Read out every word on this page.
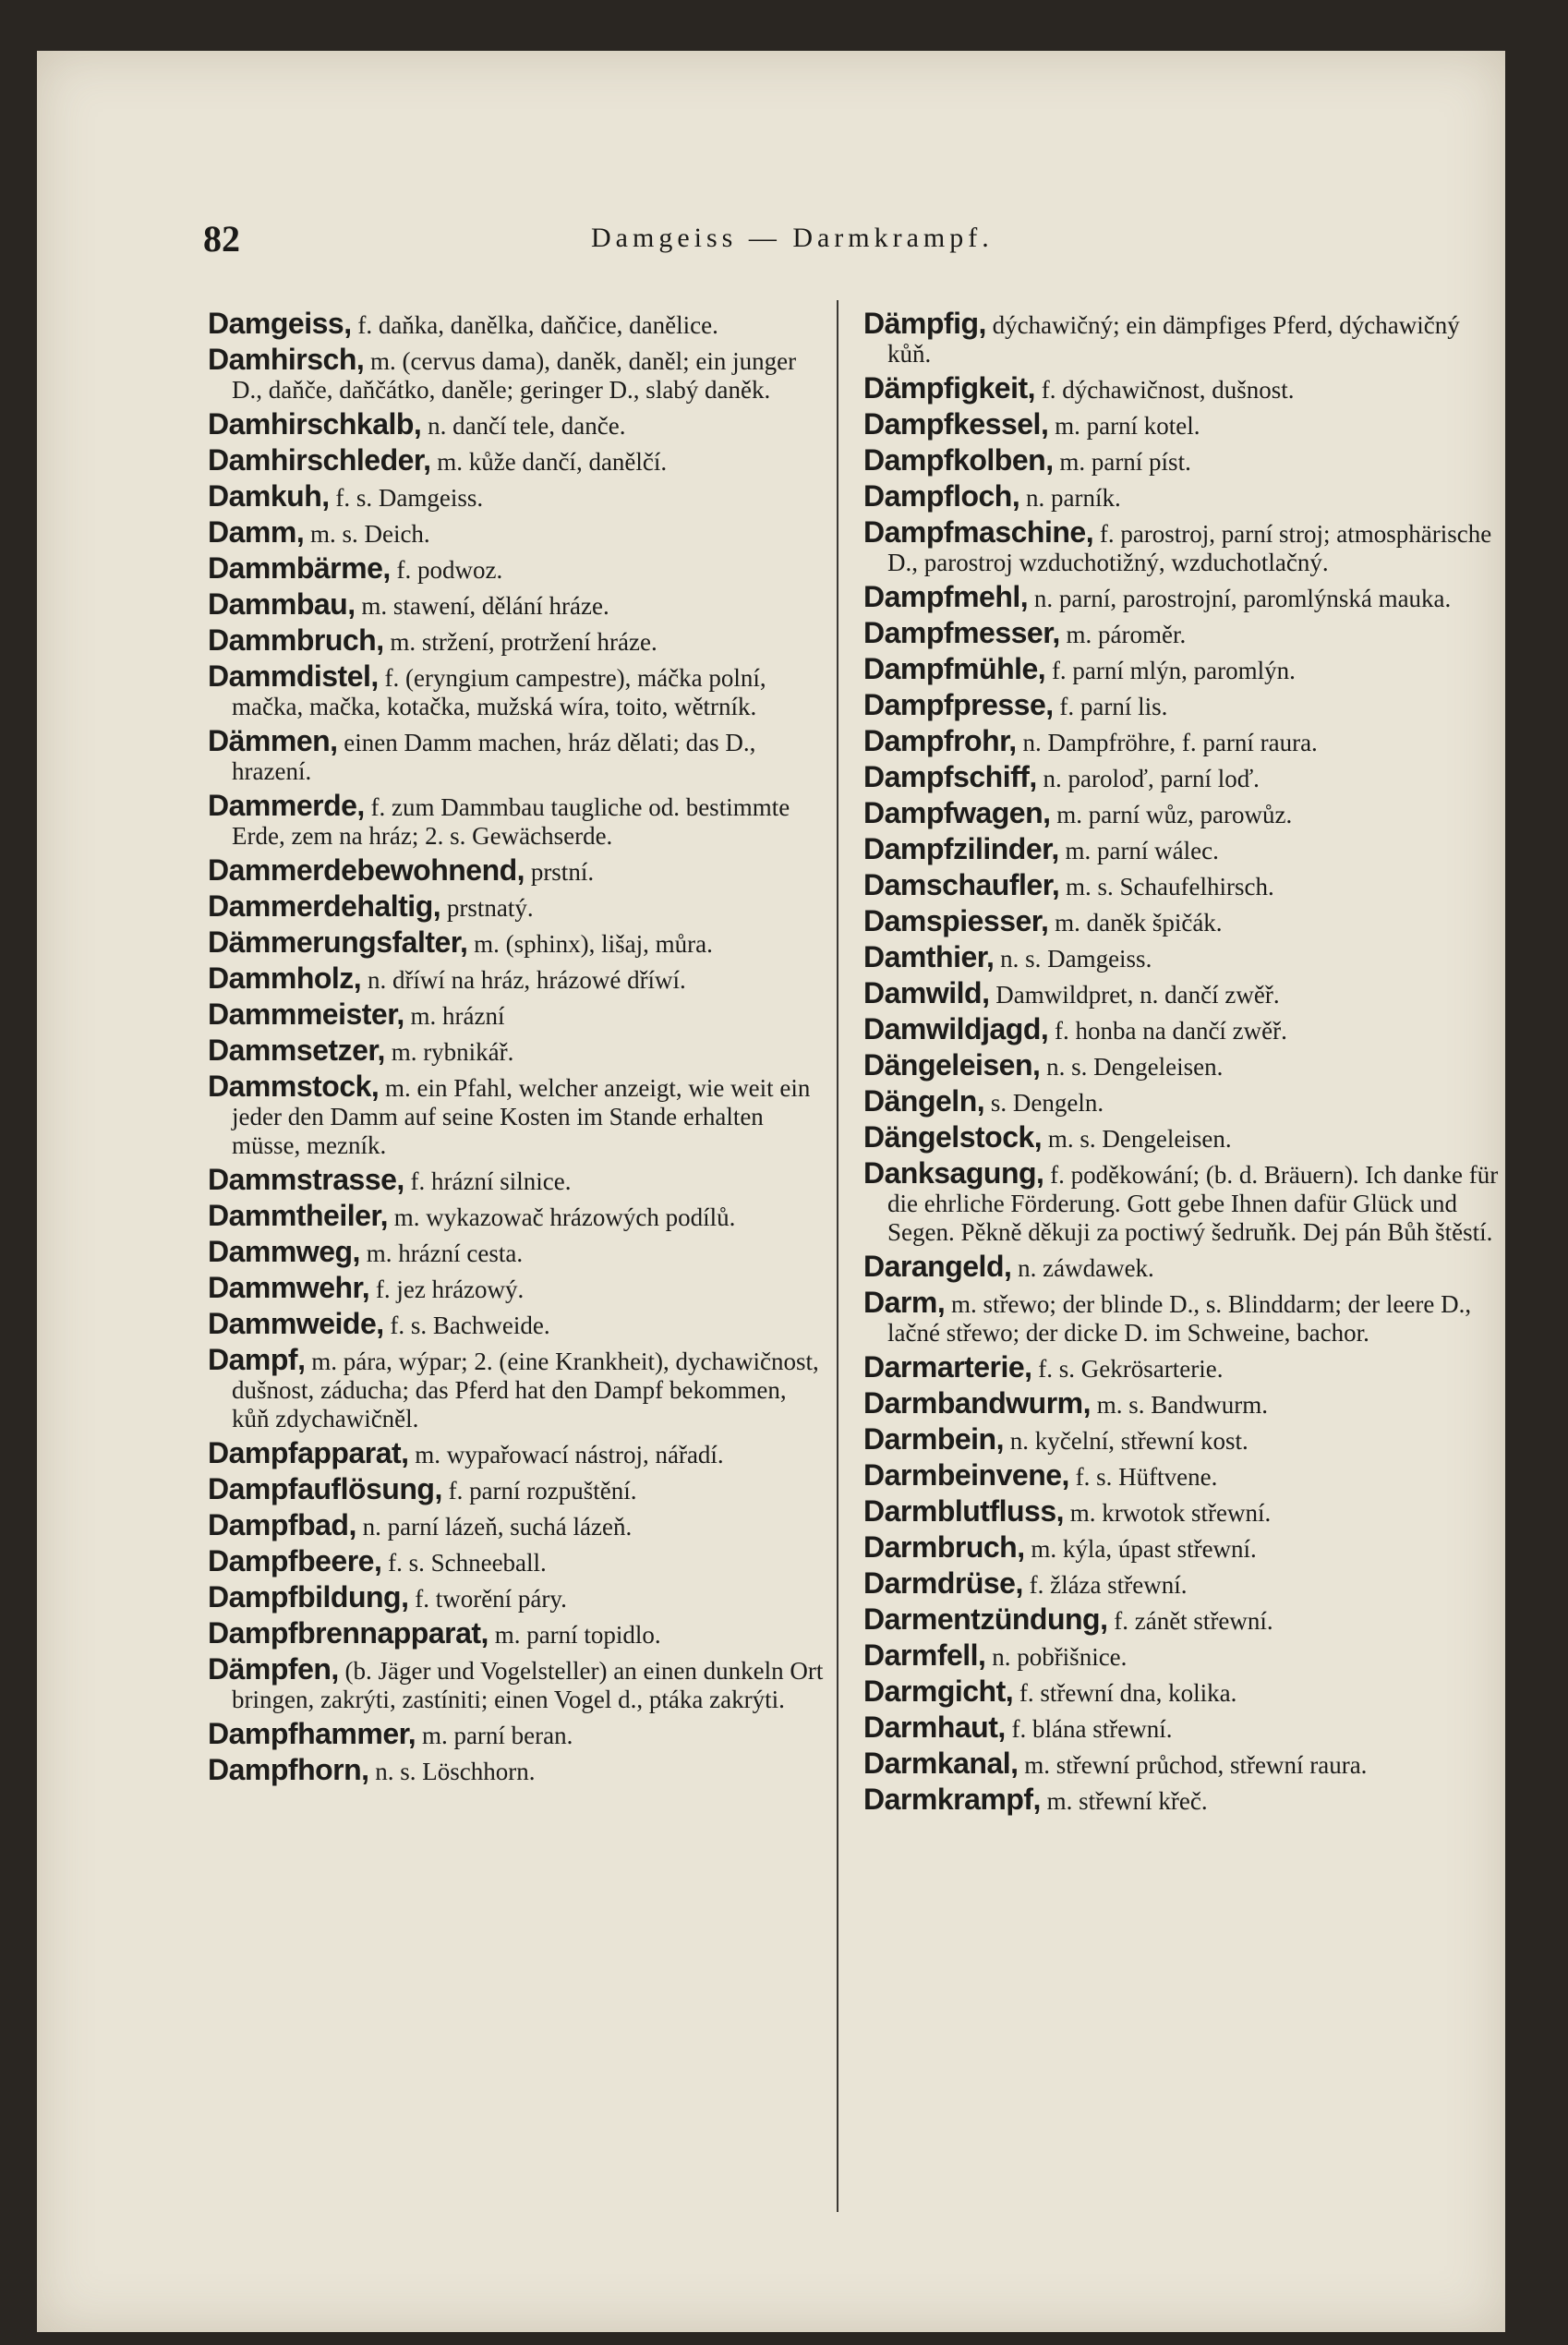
82	Damgeiss — Darmkrampf.
Damgeiss, f. daňka, danělka, daňčice, danělice.
Damhirsch, m. (cervus dama), daněk, daněl; ein junger D., daňče, daňčátko, daněle; geringer D., slabý daněk.
Damhirschkalb, n. dančí tele, danče.
Damhirschleder, m. kůže dančí, danělčí.
Damkuh, f. s. Damgeiss.
Damm, m. s. Deich.
Dammbärme, f. podwoz.
Dammbau, m. stawení, dělání hráze.
Dammbruch, m. stržení, protržení hráze.
Dammdistel, f. (eryngium campestre), máčka polní, mačka, mačka, kotačka, mužská wíra, toito, wětrník.
Dämmen, einen Damm machen, hráz dělati; das D., hrazení.
Dammerde, f. zum Dammbau taugliche od. bestimmte Erde, zem na hráz; 2. s. Gewächserde.
Dammerdebewohnend, prstní.
Dammerdehaltig, prstnatý.
Dämmerungsfalter, m. (sphinx), lišaj, můra.
Dammholz, n. dříwí na hráz, hrázowé dříwí.
Dammmeister, m. hrázní
Dammsetzer, m. rybnikář.
Dammstock, m. ein Pfahl, welcher anzeigt, wie weit ein jeder den Damm auf seine Kosten im Stande erhalten müsse, mezník.
Dammstrasse, f. hrázní silnice.
Dammtheiler, m. wykazowač hrázowých podílů.
Dammweg, m. hrázní cesta.
Dammwehr, f. jez hrázowý.
Dammweide, f. s. Bachweide.
Dampf, m. pára, wýpar; 2. (eine Krankheit), dychawičnost, dušnost, záducha; das Pferd hat den Dampf bekommen, kůň zdychawičněl.
Dampfapparat, m. wypařowací nástroj, nářadí.
Dampfauflösung, f. parní rozpuštění.
Dampfbad, n. parní lázeň, suchá lázeň.
Dampfbeere, f. s. Schneeball.
Dampfbildung, f. tworění páry.
Dampfbrennapparat, m. parní topidlo.
Dämpfen, (b. Jäger und Vogelsteller) an einen dunkeln Ort bringen, zakrýti, zastíniti; einen Vogel d., ptáka zakrýti.
Dampfhammer, m. parní beran.
Dampfhorn, n. s. Löschhorn.
Dämpfig, dýchawičný; ein dämpfiges Pferd, dýchawičný kůň.
Dämpfigkeit, f. dýchawičnost, dušnost.
Dampfkessel, m. parní kotel.
Dampfkolben, m. parní píst.
Dampfloch, n. parník.
Dampfmaschine, f. parostroj, parní stroj; atmosphärische D., parostroj wzduchotižný, wzduchotlačný.
Dampfmehl, n. parní, parostrojní, paromlýnská mauka.
Dampfmesser, m. pároměr.
Dampfmühle, f. parní mlýn, paromlýn.
Dampfpresse, f. parní lis.
Dampfrohr, n. Dampfröhre, f. parní raura.
Dampfschiff, n. paroloď, parní loď.
Dampfwagen, m. parní wůz, parowůz.
Dampfzilinder, m. parní wálec.
Damschaufler, m. s. Schaufelhirsch.
Damspiesser, m. daněk špičák.
Damthier, n. s. Damgeiss.
Damwild, Damwildpret, n. dančí zwěř.
Damwildjagd, f. honba na dančí zwěř.
Dängeleisen, n. s. Dengeleisen.
Dängeln, s. Dengeln.
Dängelstock, m. s. Dengeleisen.
Danksagung, f. poděkowání; (b. d. Bräuern). Ich danke für die ehrliche Förderung. Gott gebe Ihnen dafür Glück und Segen. Pěkně děkuji za poctiwý šedruňk. Dej pán Bůh štěstí.
Darangeld, n. záwdawek.
Darm, m. střewo; der blinde D., s. Blinddarm; der leere D., lačné střewo; der dicke D. im Schweine, bachor.
Darmarterie, f. s. Gekrösarterie.
Darmbandwurm, m. s. Bandwurm.
Darmbein, n. kyčelní, střewní kost.
Darmbeinvene, f. s. Hüftvene.
Darmblutfluss, m. krwotok střewní.
Darmbruch, m. kýla, úpast střewní.
Darmdrüse, f. žláza střewní.
Darmentzündung, f. zánět střewní.
Darmfell, n. pobřišnice.
Darmgicht, f. střewní dna, kolika.
Darmhaut, f. blána střewní.
Darmkanal, m. střewní průchod, střewní raura.
Darmkrampf, m. střewní křeč.
